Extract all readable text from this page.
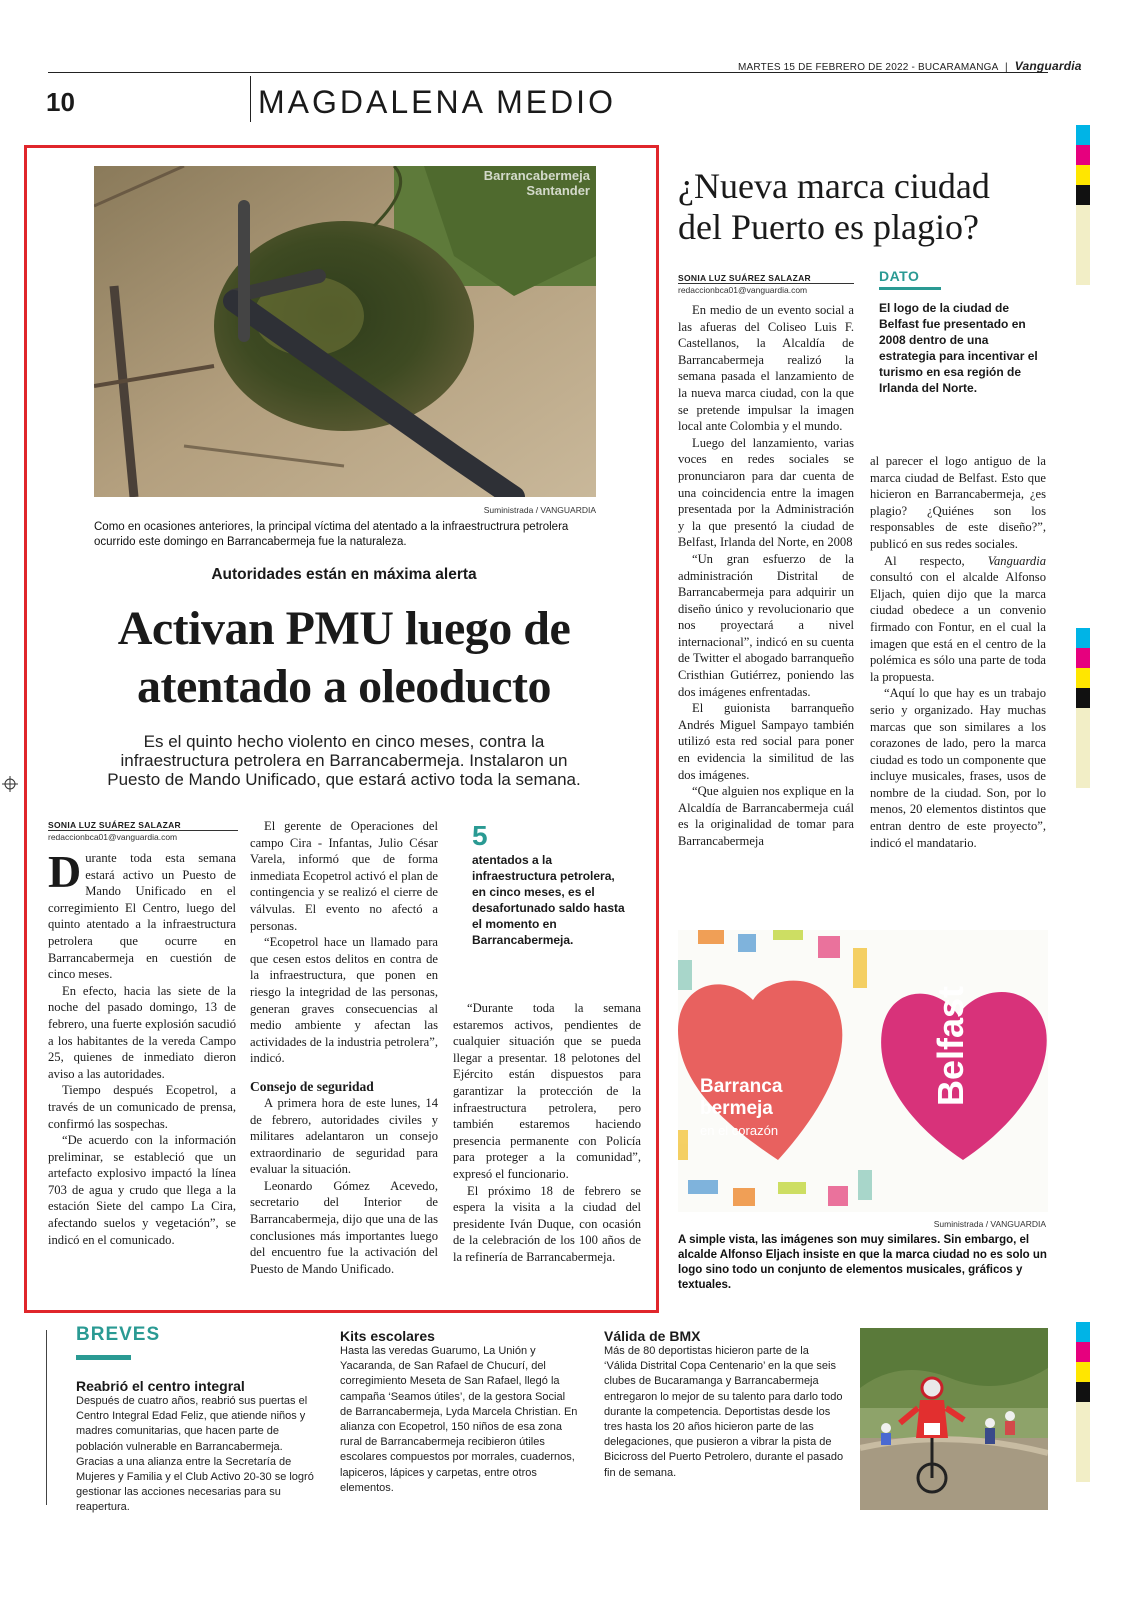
MARTES 15 DE FEBRERO DE 2022 - BUCARAMANGA | Vanguardia
10	MAGDALENA MEDIO
Barrancabermeja
Santander
Suministrada / VANGUARDIA
Como en ocasiones anteriores, la principal víctima del atentado a la infraestructrura petrolera ocurrido este domingo en Barrancabermeja fue la naturaleza.
Autoridades están en máxima alerta
Activan PMU luego de
atentado a oleoducto
Es el quinto hecho violento en cinco meses, contra la infraestructura petrolera en Barrancabermeja. Instalaron un Puesto de Mando Unificado, que estará activo toda la semana.
SONIA LUZ SUÁREZ SALAZAR
redaccionbca01@vanguardia.com

Durante toda esta semana estará activo un Puesto de Mando Unificado en el corregimiento El Centro, luego del quinto atentado a la infraestructura petrolera que ocurre en Barrancabermeja en cuestión de cinco meses.

En efecto, hacia las siete de la noche del pasado domingo, 13 de febrero, una fuerte explosión sacudió a los habitantes de la vereda Campo 25, quienes de inmediato dieron aviso a las autoridades.

Tiempo después Ecopetrol, a través de un comunicado de prensa, confirmó las sospechas.

“De acuerdo con la información preliminar, se estableció que un artefacto explosivo impactó la línea 703 de agua y crudo que llega a la estación Siete del campo La Cira, afectando suelos y vegetación”, se indicó en el comunicado.

El gerente de Operaciones del campo Cira - Infantas, Julio César Varela, informó que de forma inmediata Ecopetrol activó el plan de contingencia y se realizó el cierre de válvulas. El evento no afectó a personas.

“Ecopetrol hace un llamado para que cesen estos delitos en contra de la infraestructura, que ponen en riesgo la integridad de las personas, generan graves consecuencias al medio ambiente y afectan las actividades de la industria petrolera”, indicó.

Consejo de seguridad

A primera hora de este lunes, 14 de febrero, autoridades civiles y militares adelantaron un consejo extraordinario de seguridad para evaluar la situación.

Leonardo Gómez Acevedo, secretario del Interior de Barrancabermeja, dijo que una de las conclusiones más importantes luego del encuentro fue la activación del Puesto de Mando Unificado.

5
atentados a la infraestructura petrolera, en cinco meses, es el desafortunado saldo hasta el momento en Barrancabermeja.

“Durante toda la semana estaremos activos, pendientes de cualquier situación que se pueda llegar a presentar. 18 pelotones del Ejército están dispuestos para garantizar la protección de la infraestructura petrolera, pero también estaremos haciendo presencia permanente con Policía para proteger a la comunidad”, expresó el funcionario.

El próximo 18 de febrero se espera la visita a la ciudad del presidente Iván Duque, con ocasión de la celebración de los 100 años de la refinería de Barrancabermeja.

¿Nueva marca ciudad
del Puerto es plagio?
SONIA LUZ SUÁREZ SALAZAR
redaccionbca01@vanguardia.com
DATO
El logo de la ciudad de Belfast fue presentado en 2008 dentro de una estrategia para incentivar el turismo en esa región de Irlanda del Norte.

En medio de un evento social a las afueras del Coliseo Luis F. Castellanos, la Alcaldía de Barrancabermeja realizó la semana pasada el lanzamiento de la nueva marca ciudad, con la que se pretende impulsar la imagen local ante Colombia y el mundo.

Luego del lanzamiento, varias voces en redes sociales se pronunciaron para dar cuenta de una coincidencia entre la imagen presentada por la Administración y la que presentó la ciudad de Belfast, Irlanda del Norte, en 2008

“Un gran esfuerzo de la administración Distrital de Barrancabermeja para adquirir un diseño único y revolucionario que nos proyectará a nivel internacional”, indicó en su cuenta de Twitter el abogado barranqueño Cristhian Gutiérrez, poniendo las dos imágenes enfrentadas.

El guionista barranqueño Andrés Miguel Sampayo también utilizó esta red social para poner en evidencia la similitud de las dos imágenes.

“Que alguien nos explique en la Alcaldía de Barrancabermeja cuál es la originalidad de tomar para Barrancabermeja

al parecer el logo antiguo de la marca ciudad de Belfast. Esto que hicieron en Barrancabermeja, ¿es plagio? ¿Quiénes son los responsables de este diseño?”, publicó en sus redes sociales.

Al respecto, Vanguardia consultó con el alcalde Alfonso Eljach, quien dijo que la marca ciudad obedece a un convenio firmado con Fontur, en el cual la imagen que está en el centro de la polémica es sólo una parte de toda la propuesta.

“Aquí lo que hay es un trabajo serio y organizado. Hay muchas marcas que son similares a los corazones de lado, pero la marca ciudad es todo un componente que incluye musicales, frases, usos de nombre de la ciudad. Son, por lo menos, 20 elementos distintos que entran dentro de este proyecto”, indicó el mandatario.

Barranca
bermeja
en el corazón
Belfast
Suministrada / VANGUARDIA
A simple vista, las imágenes son muy similares. Sin embargo, el alcalde Alfonso Eljach insiste en que la marca ciudad no es solo un logo sino todo un conjunto de elementos musicales, gráficos y textuales.
BREVES
Reabrió el centro integral
Después de cuatro años, reabrió sus puertas el Centro Integral Edad Feliz, que atiende niños y madres comunitarias, que hacen parte de población vulnerable en Barrancabermeja. Gracias a una alianza entre la Secretaría de Mujeres y Familia y el Club Activo 20-30 se logró gestionar las acciones necesarias para su reapertura.
Kits escolares
Hasta las veredas Guarumo, La Unión y Yacaranda, de San Rafael de Chucurí, del corregimiento Meseta de San Rafael, llegó la campaña ‘Seamos útiles’, de la gestora Social de Barrancabermeja, Lyda Marcela Christian. En alianza con Ecopetrol, 150 niños de esa zona rural de Barrancabermeja recibieron útiles escolares compuestos por morrales, cuadernos, lapiceros, lápices y carpetas, entre otros elementos.
Válida de BMX
Más de 80 deportistas hicieron parte de la ‘Válida Distrital Copa Centenario’ en la que seis clubes de Bucaramanga y Barrancabermeja entregaron lo mejor de su talento para darlo todo durante la competencia. Deportistas desde los tres hasta los 20 años hicieron parte de las delegaciones, que pusieron a vibrar la pista de Bicicross del Puerto Petrolero, durante el pasado fin de semana.
